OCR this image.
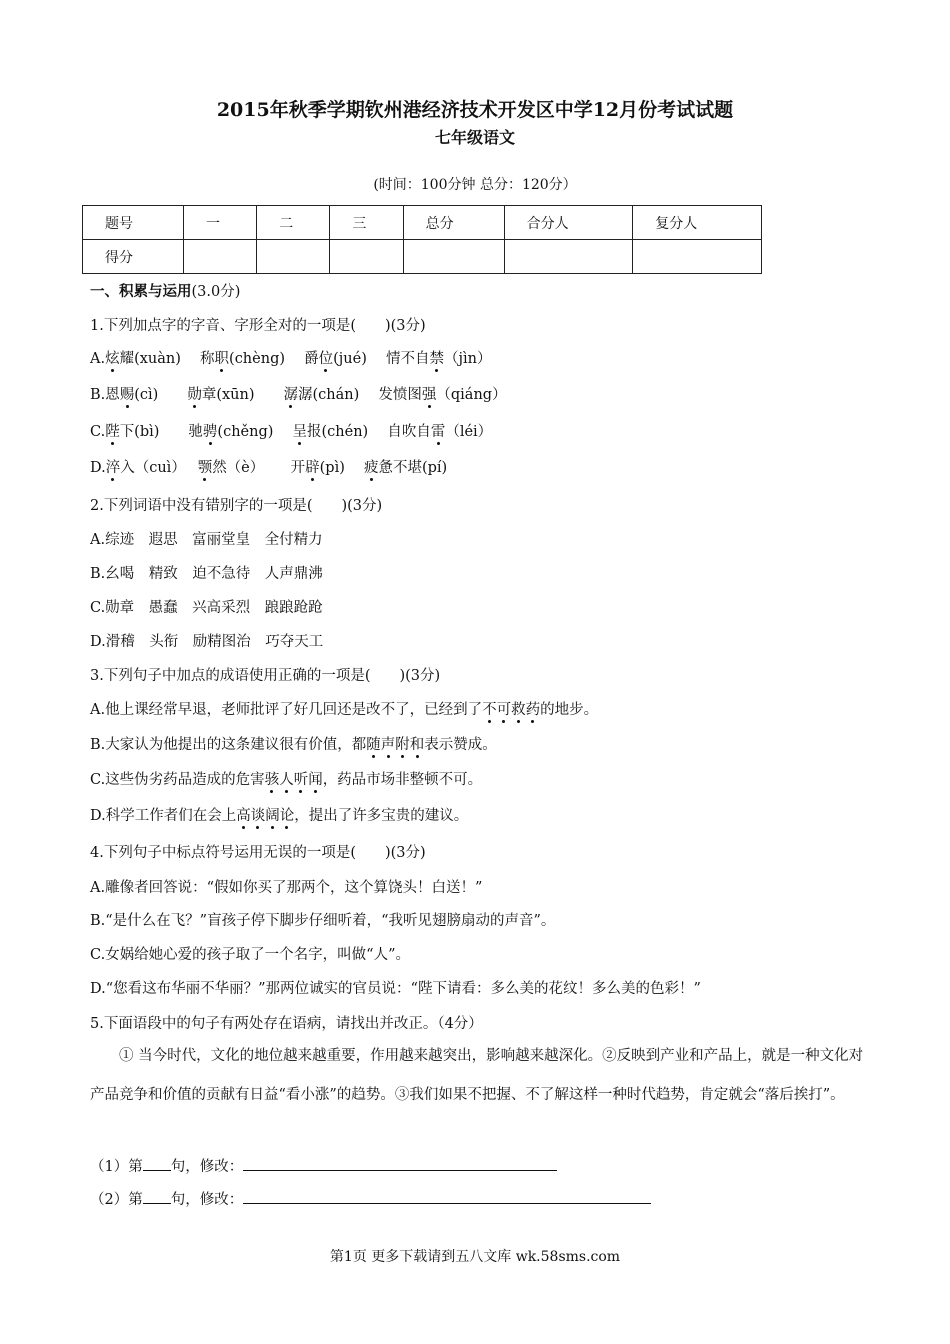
2015年秋季学期钦州港经济技术开发区中学12月份考试试题
七年级语文
(时间：100分钟 总分：120分）
题号	一	二	三	总分	合分人	复分人
得分						
一、积累与运用(3.0分)
1.下列加点字的字音、字形全对的一项是(　　)(3分)
A.炫耀(xuàn)　 称职(chèng)　 爵位(jué)　 情不自禁（jìn）
B.恩赐(cì)　　勋章(xūn)　　潺潺(chán)　 发愤图强（qiáng）
C.陛下(bì)　　驰骋(chěng)　 呈报(chén)　 自吹自雷（léi）
D.淬入（cuì）　 颚然（è）　　 开辟(pì)　 疲惫不堪(pí)
2.下列词语中没有错别字的一项是(　　)(3分)
A.综迹　遐思　富丽堂皇　全付精力
B.幺喝　精致　迫不急待　人声鼎沸
C.勋章　愚蠢　兴高采烈　踉踉跄跄
D.滑稽　头衔　励精图治　巧夺天工
3.下列句子中加点的成语使用正确的一项是(　　)(3分)
A.他上课经常早退，老师批评了好几回还是改不了，已经到了不可救药的地步。
B.大家认为他提出的这条建议很有价值，都随声附和表示赞成。
C.这些伪劣药品造成的危害骇人听闻，药品市场非整顿不可。
D.科学工作者们在会上高谈阔论，提出了许多宝贵的建议。
4.下列句子中标点符号运用无误的一项是(　　)(3分)
A.雕像者回答说：“假如你买了那两个，这个算饶头！白送！”
B.“是什么在飞？”盲孩子停下脚步仔细听着，“我听见翅膀扇动的声音”。
C.女娲给她心爱的孩子取了一个名字，叫做“人”。
D.“您看这布华丽不华丽？”那两位诚实的官员说：“陛下请看：多么美的花纹！多么美的色彩！”
5.下面语段中的句子有两处存在语病，请找出并改正。（4分）
① 当今时代，文化的地位越来越重要，作用越来越突出，影响越来越深化。②反映到产业和产品上，就是一种文化对产品竞争和价值的贡献有日益“看小涨”的趋势。③我们如果不把握、不了解这样一种时代趋势，肯定就会“落后挨打”。
（1）第 句，修改：
（2）第 句，修改：
第1页 更多下载请到五八文库 wk.58sms.com
